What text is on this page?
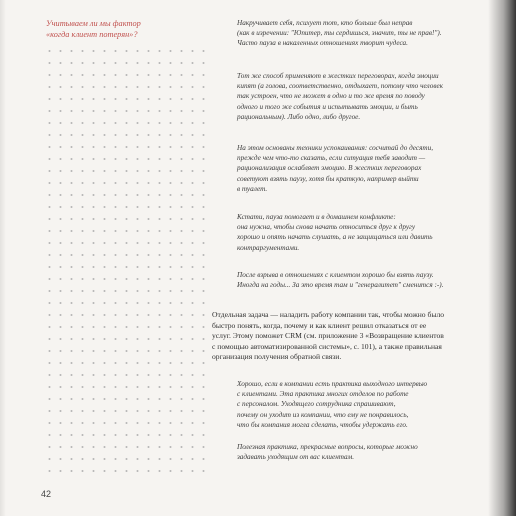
Учитываем ли мы фактор
«когда клиент потерян»?
Накручивает себя, психует тот, кто больше был неправ
(как в изречении: "Юпитер, ты сердишься, значит, ты не прав!").
Часто пауза в накаленных отношениях творит чудеса.
Тот же способ применяют в жестких переговорах, когда эмоции
кипят (а голова, соответственно, отдыхает, потому что человек
так устроен, что не может в одно и то же время по поводу
одного и того же события и испытывать эмоции, и быть
рациональным). Либо одно, либо другое.
На этом основаны техники успокаивания: сосчитай до десяти,
прежде чем что-то сказать, если ситуация тебя заводит —
рационализация ослабляет эмоцию. В жестких переговорах
советуют взять паузу, хотя бы краткую, например выйти
в туалет.
Кстати, пауза помогает и в домашнем конфликте:
она нужна, чтобы снова начать относиться друг к другу
хорошо и опять начать слушать, а не защищаться или давить
контраргументами.
После взрыва в отношениях с клиентом хорошо бы взять паузу.
Иногда на годы... За это время там и "генералитет" сменится :-).
Отдельная задача — наладить работу компании так, чтобы можно было
быстро понять, когда, почему и как клиент решил отказаться от ее
услуг. Этому поможет CRM (см. приложение 3 «Возвращение клиентов
с помощью автоматизированной системы», с. 101), а также правильная
организация получения обратной связи.
Хорошо, если в компании есть практика выходного интервью
с клиентами. Эта практика многих отделов по работе
с персоналом. Уходящего сотрудника спрашивают,
почему он уходит из компании, что ему не понравилось,
что бы компания могла сделать, чтобы удержать его.
Полезная практика, прекрасные вопросы, которые можно
задавать уходящим от вас клиентам.
42
